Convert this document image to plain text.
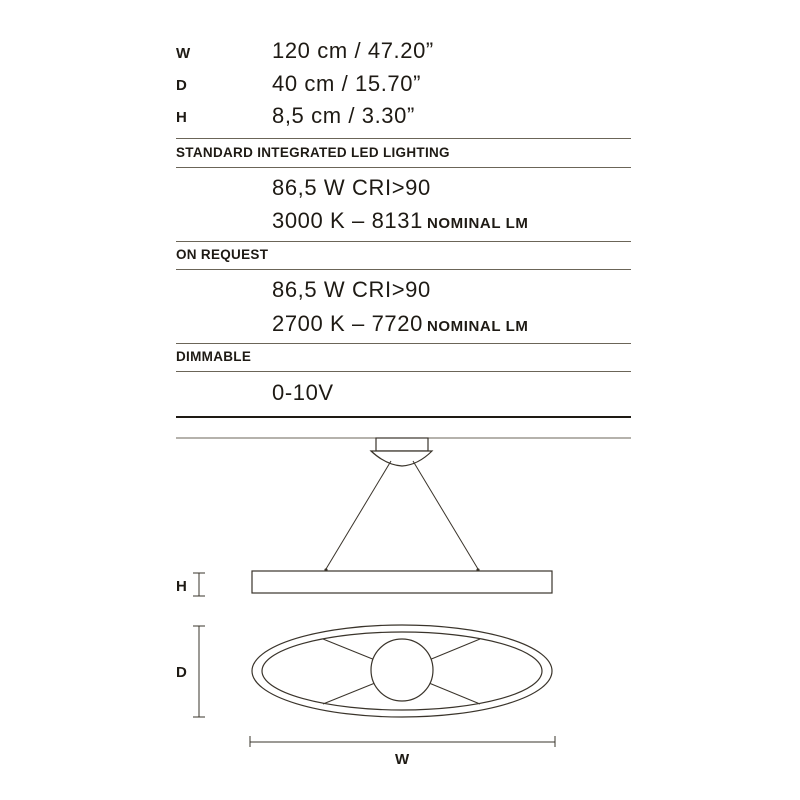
W	120 cm / 47.20”
D	40 cm / 15.70”
H	8,5 cm / 3.30”
STANDARD INTEGRATED LED LIGHTING
86,5 W CRI>90
3000 K – 8131 NOMINAL LM
ON REQUEST
86,5 W CRI>90
2700 K – 7720 NOMINAL LM
DIMMABLE
0-10V
H
D
W
